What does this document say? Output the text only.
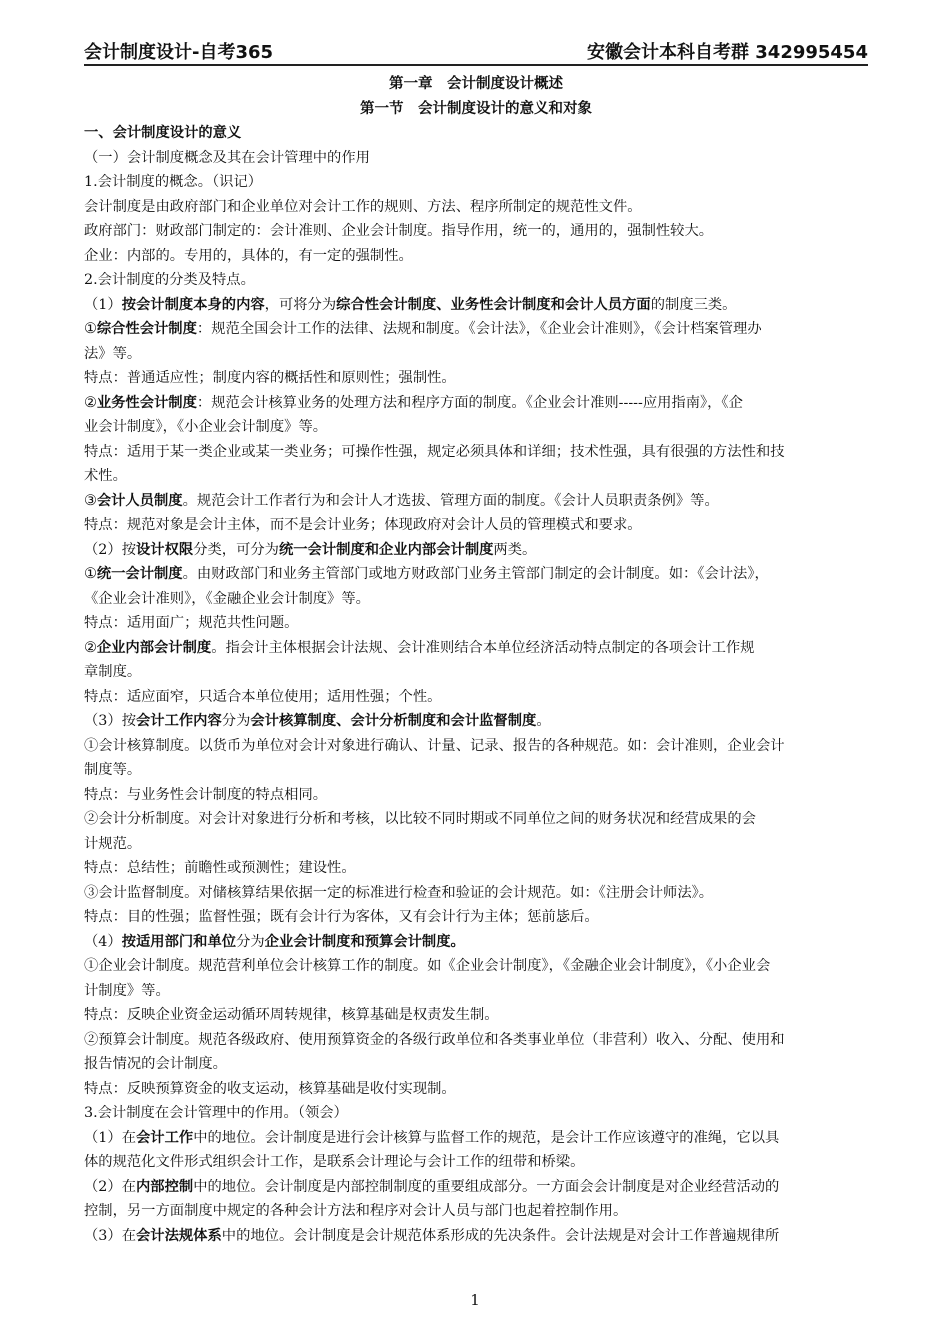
会计制度设计-自考365	安徽会计本科自考群 342995454
第一章　会计制度设计概述
第一节　会计制度设计的意义和对象
一、会计制度设计的意义
（一）会计制度概念及其在会计管理中的作用
1.会计制度的概念。（识记）
会计制度是由政府部门和企业单位对会计工作的规则、方法、程序所制定的规范性文件。
政府部门：财政部门制定的：会计准则、企业会计制度。指导作用，统一的，通用的，强制性较大。
企业：内部的。专用的，具体的，有一定的强制性。
2.会计制度的分类及特点。
（1）按会计制度本身的内容，可将分为综合性会计制度、业务性会计制度和会计人员方面的制度三类。
①综合性会计制度：规范全国会计工作的法律、法规和制度。《会计法》，《企业会计准则》，《会计档案管理办
法》等。
特点：普通适应性；制度内容的概括性和原则性；强制性。
②业务性会计制度：规范会计核算业务的处理方法和程序方面的制度。《企业会计准则-----应用指南》，《企
业会计制度》，《小企业会计制度》等。
特点：适用于某一类企业或某一类业务；可操作性强，规定必须具体和详细；技术性强，具有很强的方法性和技
术性。
③会计人员制度。规范会计工作者行为和会计人才选拔、管理方面的制度。《会计人员职责条例》等。
特点：规范对象是会计主体，而不是会计业务；体现政府对会计人员的管理模式和要求。
（2）按设计权限分类，可分为统一会计制度和企业内部会计制度两类。
①统一会计制度。由财政部门和业务主管部门或地方财政部门业务主管部门制定的会计制度。如：《会计法》，
《企业会计准则》，《金融企业会计制度》等。
特点：适用面广；规范共性问题。
②企业内部会计制度。指会计主体根据会计法规、会计准则结合本单位经济活动特点制定的各项会计工作规
章制度。
特点：适应面窄，只适合本单位使用；适用性强；个性。
（3）按会计工作内容分为会计核算制度、会计分析制度和会计监督制度。
①会计核算制度。以货币为单位对会计对象进行确认、计量、记录、报告的各种规范。如：会计准则，企业会计
制度等。
特点：与业务性会计制度的特点相同。
②会计分析制度。对会计对象进行分析和考核，以比较不同时期或不同单位之间的财务状况和经营成果的会
计规范。
特点：总结性；前瞻性或预测性；建设性。
③会计监督制度。对储核算结果依据一定的标准进行检查和验证的会计规范。如：《注册会计师法》。
特点：目的性强；监督性强；既有会计行为客体，又有会计行为主体；惩前毖后。
（4）按适用部门和单位分为企业会计制度和预算会计制度。
①企业会计制度。规范营利单位会计核算工作的制度。如《企业会计制度》，《金融企业会计制度》，《小企业会
计制度》等。
特点：反映企业资金运动循环周转规律，核算基础是权责发生制。
②预算会计制度。规范各级政府、使用预算资金的各级行政单位和各类事业单位（非营利）收入、分配、使用和
报告情况的会计制度。
特点：反映预算资金的收支运动，核算基础是收付实现制。
3.会计制度在会计管理中的作用。（领会）
（1）在会计工作中的地位。会计制度是进行会计核算与监督工作的规范，是会计工作应该遵守的准绳，它以具
体的规范化文件形式组织会计工作，是联系会计理论与会计工作的纽带和桥梁。
（2）在内部控制中的地位。会计制度是内部控制制度的重要组成部分。一方面会会计制度是对企业经营活动的
控制，另一方面制度中规定的各种会计方法和程序对会计人员与部门也起着控制作用。
（3）在会计法规体系中的地位。会计制度是会计规范体系形成的先决条件。会计法规是对会计工作普遍规律所
1
